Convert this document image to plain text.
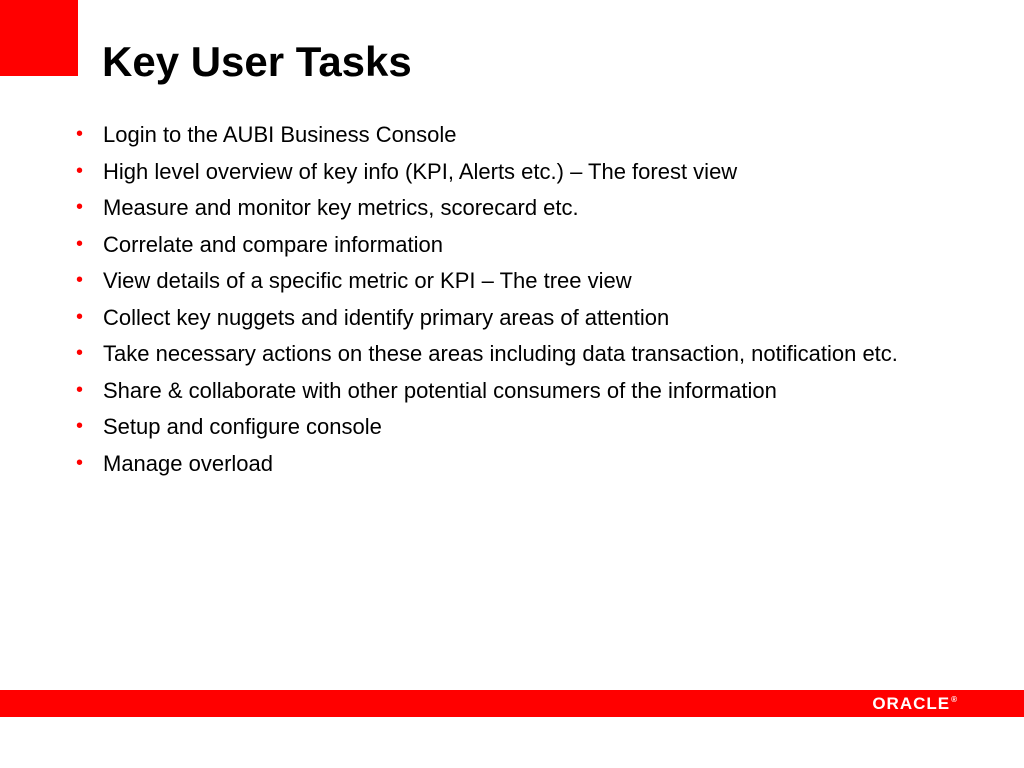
Key User Tasks
• Login to the AUBI Business Console
• High level overview of key info (KPI, Alerts etc.) – The forest view
• Measure and monitor key metrics, scorecard etc.
• Correlate and compare information
• View details of a specific metric or KPI – The tree view
• Collect key nuggets and identify primary areas of attention
• Take necessary actions on these areas including data transaction, notification etc.
• Share & collaborate with other potential consumers of the information
• Setup and configure console
• Manage overload
ORACLE ®
